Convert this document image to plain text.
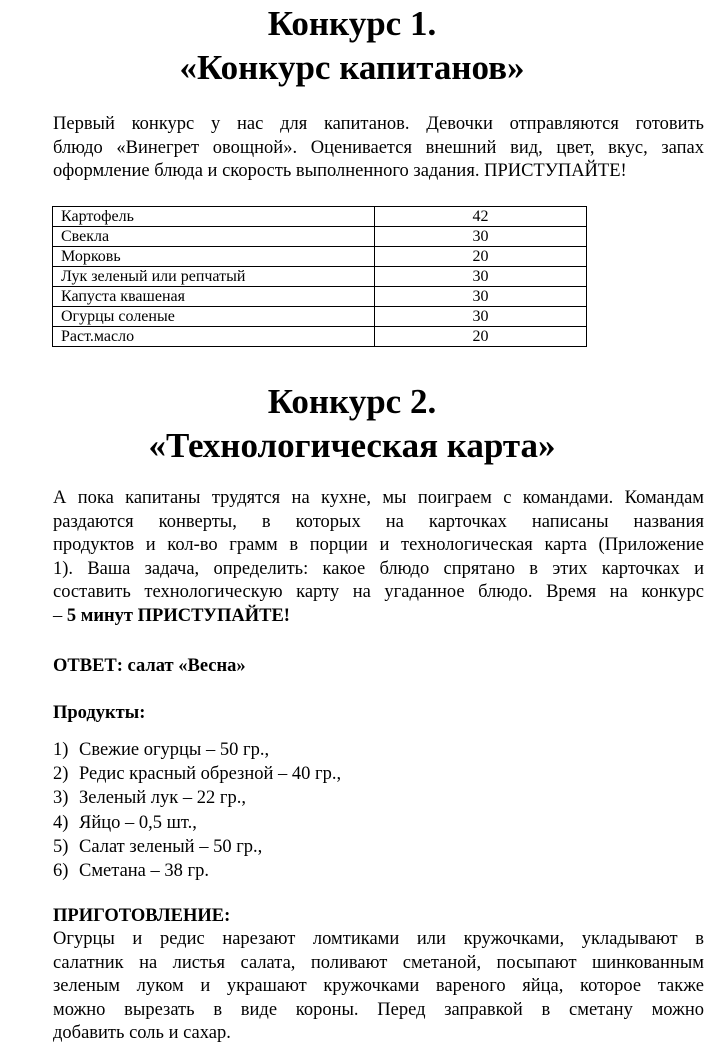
Конкурс 1.
«Конкурс капитанов»
Первый конкурс у нас для капитанов. Девочки отправляются готовить
блюдо «Винегрет овощной». Оценивается внешний вид, цвет, вкус, запах
оформление блюда и скорость выполненного задания. ПРИСТУПАЙТЕ!
Картофель	42
Свекла	30
Морковь	20
Лук зеленый или репчатый	30
Капуста квашеная	30
Огурцы соленые	30
Раст.масло	20
Конкурс 2.
«Технологическая карта»
А пока капитаны трудятся на кухне, мы поиграем с командами. Командам
раздаются конверты, в которых на карточках написаны названия
продуктов и кол-во грамм в порции и технологическая карта (Приложение
1). Ваша задача, определить: какое блюдо спрятано в этих карточках и
составить технологическую карту на угаданное блюдо. Время на конкурс
– 5 минут ПРИСТУПАЙТЕ!

ОТВЕТ: салат «Весна»

Продукты:

1) Свежие огурцы – 50 гр.,
2) Редис красный обрезной – 40 гр.,
3) Зеленый лук – 22 гр.,
4) Яйцо – 0,5 шт.,
5) Салат зеленый – 50 гр.,
6) Сметана – 38 гр.

ПРИГОТОВЛЕНИЕ:

Огурцы и редис нарезают ломтиками или кружочками, укладывают в
салатник на листья салата, поливают сметаной, посыпают шинкованным
зеленым луком и украшают кружочками вареного яйца, которое также
можно вырезать в виде короны. Перед заправкой в сметану можно
добавить соль и сахар.
